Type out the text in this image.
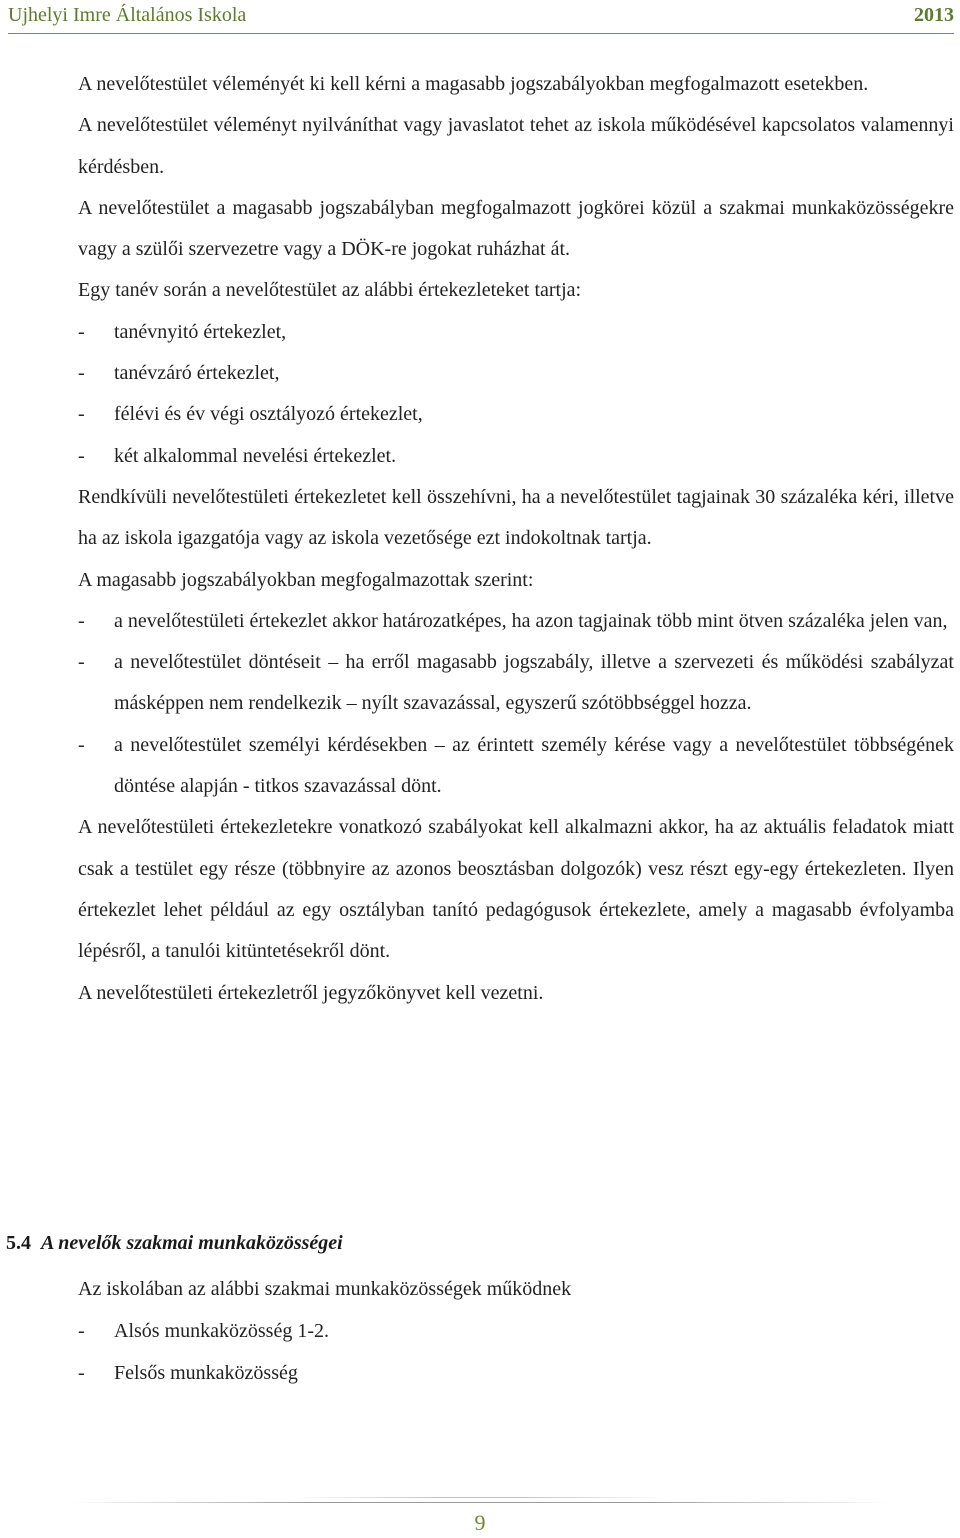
Ujhelyi Imre Általános Iskola	2013

A nevelőtestület véleményét ki kell kérni a magasabb jogszabályokban megfogalmazott esetekben.

A nevelőtestület véleményt nyilváníthat vagy javaslatot tehet az iskola működésével kapcsolatos valamennyi kérdésben.

A nevelőtestület a magasabb jogszabályban megfogalmazott jogkörei közül a szakmai munkaközösségekre vagy a szülői szervezetre vagy a DÖK-re jogokat ruházhat át.

Egy tanév során a nevelőtestület az alábbi értekezleteket tartja:

- tanévnyitó értekezlet,

- tanévzáró értekezlet,

- félévi és év végi osztályozó értekezlet,

- két alkalommal nevelési értekezlet.

Rendkívüli nevelőtestületi értekezletet kell összehívni, ha a nevelőtestület tagjainak 30 százaléka kéri, illetve ha az iskola igazgatója vagy az iskola vezetősége ezt indokoltnak tartja.

A magasabb jogszabályokban megfogalmazottak szerint:

- a nevelőtestületi értekezlet akkor határozatképes, ha azon tagjainak több mint ötven százaléka jelen van,

- a nevelőtestület döntéseit – ha erről magasabb jogszabály, illetve a szervezeti és működési szabályzat másképpen nem rendelkezik – nyílt szavazással, egyszerű szótöbbséggel hozza.

- a nevelőtestület személyi kérdésekben – az érintett személy kérése vagy a nevelőtestület többségének döntése alapján - titkos szavazással dönt.

A nevelőtestületi értekezletekre vonatkozó szabályokat kell alkalmazni akkor, ha az aktuális feladatok miatt csak a testület egy része (többnyire az azonos beosztásban dolgozók) vesz részt egy-egy értekezleten. Ilyen értekezlet lehet például az egy osztályban tanító pedagógusok értekezlete, amely a magasabb évfolyamba lépésről, a tanulói kitüntetésekről dönt.

A nevelőtestületi értekezletről jegyzőkönyvet kell vezetni.

5.4 A nevelők szakmai munkaközösségei

Az iskolában az alábbi szakmai munkaközösségek működnek

- Alsós munkaközösség 1-2.

- Felsős munkaközösség

9
